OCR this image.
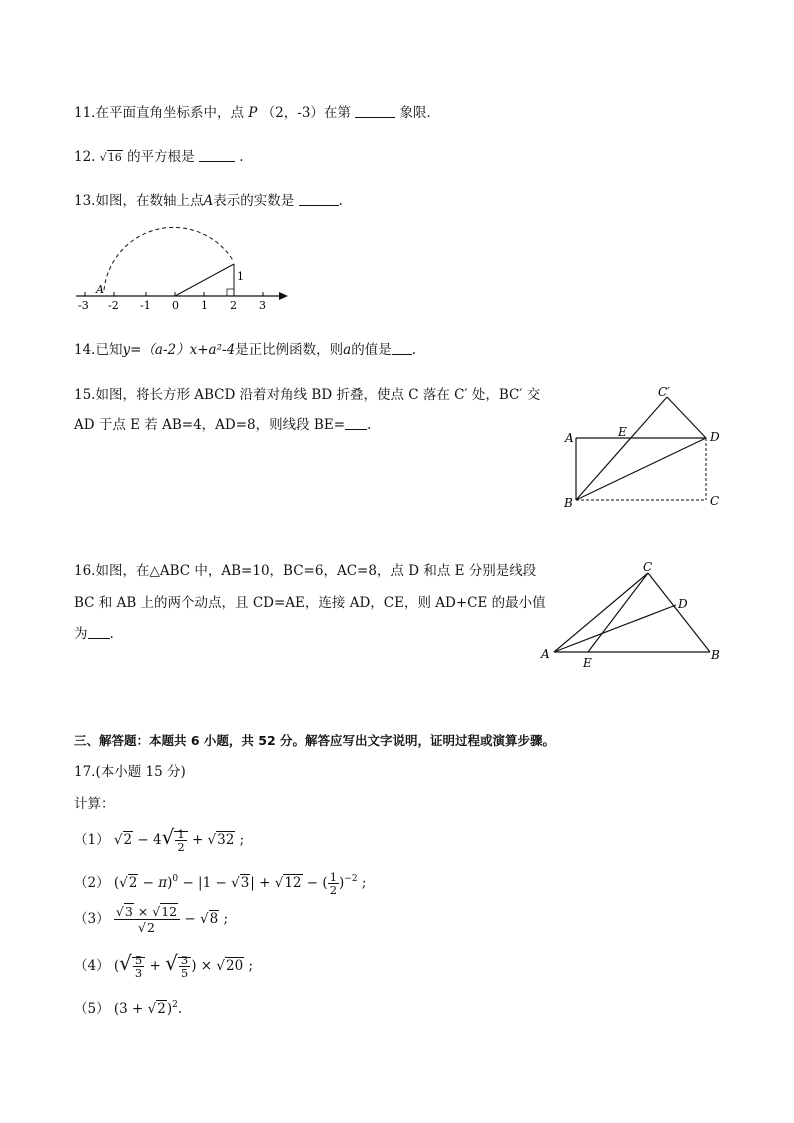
11.在平面直角坐标系中，点 P （2，-3）在第	象限．
12. √16 的平方根是	.
13.如图，在数轴上点A表示的实数是	.
-3 -2 -1 0 1 2 3
A
1
14.已知y=（a-2）x+a²-4是正比例函数，则a的值是 .
15.如图，将长方形 ABCD 沿着对角线 BD 折叠，使点 C 落在 C′ 处，BC′ 交
AD 于点 E 若 AB=4，AD=8，则线段 BE= .
A	E	D
B	C
C′
16.如图，在△ABC 中，AB=10，BC=6，AC=8，点 D 和点 E 分别是线段
BC 和 AB 上的两个动点，且 CD=AE，连接 AD，CE，则 AD+CE 的最小值
为 .
C
D
A
E
B
三、解答题：本题共 6 小题，共 52 分。解答应写出文字说明，证明过程或演算步骤。
17.(本小题 15 分)
计算：
（1） $√2 - 4√ \frac{1}{2} + √32$ ;
（2） $(√2 - \pi)^0 - |1 - √3| + √12$ − ( $\frac{1}{2} )^{-2}$ ;
$(3) \frac{√3 \times √12}{√2} - √8$ ;
（4） (√ $\frac{5}{3}$ + √ $\frac{3}{5}$ ) × √20 ;
（5） $(3 + √2)^2$.
